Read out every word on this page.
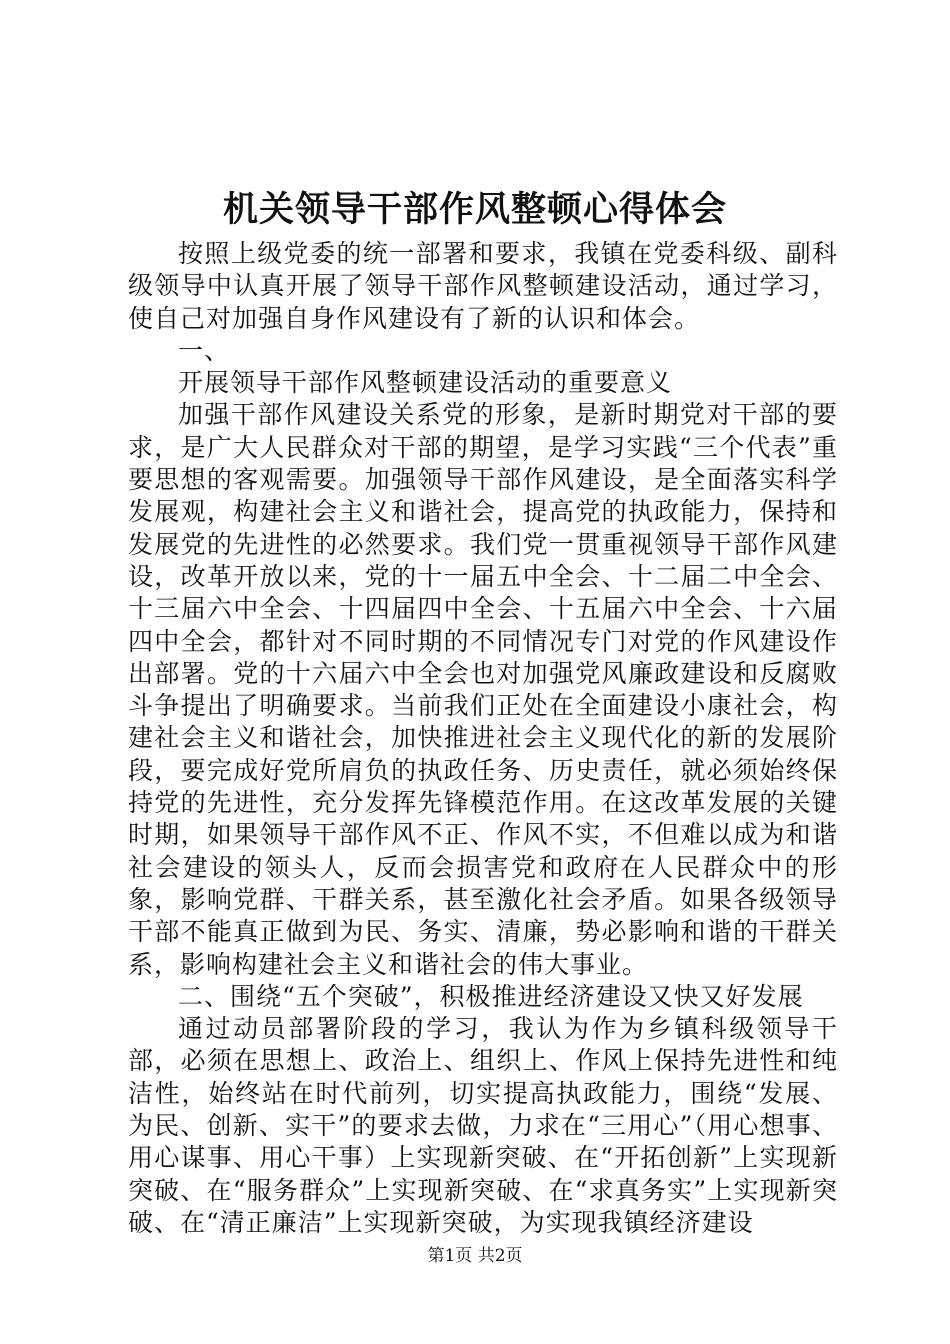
机关领导干部作风整顿心得体会

按照上级党委的统一部署和要求，我镇在党委科级、副科级领导中认真开展了领导干部作风整顿建设活动，通过学习，使自己对加强自身作风建设有了新的认识和体会。

一、

开展领导干部作风整顿建设活动的重要意义

加强干部作风建设关系党的形象，是新时期党对干部的要求，是广大人民群众对干部的期望，是学习实践“三个代表”重要思想的客观需要。加强领导干部作风建设，是全面落实科学发展观，构建社会主义和谐社会，提高党的执政能力，保持和发展党的先进性的必然要求。我们党一贯重视领导干部作风建设，改革开放以来，党的十一届五中全会、十二届二中全会、十三届六中全会、十四届四中全会、十五届六中全会、十六届四中全会，都针对不同时期的不同情况专门对党的作风建设作出部署。党的十六届六中全会也对加强党风廉政建设和反腐败斗争提出了明确要求。当前我们正处在全面建设小康社会，构建社会主义和谐社会，加快推进社会主义现代化的新的发展阶段，要完成好党所肩负的执政任务、历史责任，就必须始终保持党的先进性，充分发挥先锋模范作用。在这改革发展的关键时期，如果领导干部作风不正、作风不实，不但难以成为和谐社会建设的领头人，反而会损害党和政府在人民群众中的形象，影响党群、干群关系，甚至激化社会矛盾。如果各级领导干部不能真正做到为民、务实、清廉，势必影响和谐的干群关系，影响构建社会主义和谐社会的伟大事业。

二、围绕“五个突破”，积极推进经济建设又快又好发展

通过动员部署阶段的学习，我认为作为乡镇科级领导干部，必须在思想上、政治上、组织上、作风上保持先进性和纯洁性，始终站在时代前列，切实提高执政能力，围绕“发展、为民、创新、实干”的要求去做，力求在“三用心”（用心想事、用心谋事、用心干事）上实现新突破、在“开拓创新”上实现新突破、在“服务群众”上实现新突破、在“求真务实”上实现新突破、在“清正廉洁”上实现新突破，为实现我镇经济建设

第1页 共2页
